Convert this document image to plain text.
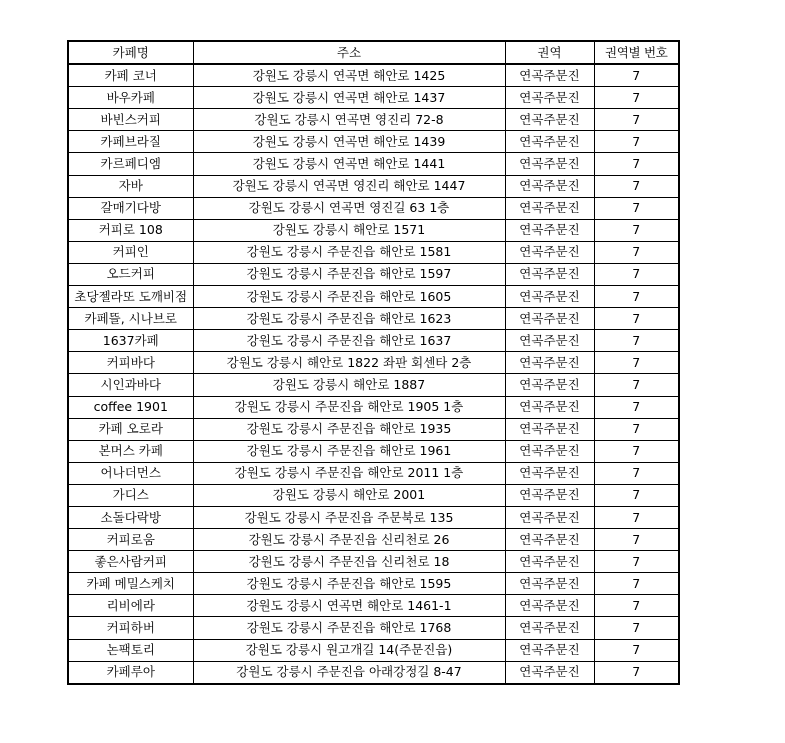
카페명	주소	권역	권역별 번호
카페 코너	강원도 강릉시 연곡면 해안로 1425	연곡주문진	7
바우카페	강원도 강릉시 연곡면 해안로 1437	연곡주문진	7
바빈스커피	강원도 강릉시 연곡면 영진리 72-8	연곡주문진	7
카페브라질	강원도 강릉시 연곡면 해안로 1439	연곡주문진	7
카르페디엠	강원도 강릉시 연곡면 해안로 1441	연곡주문진	7
자바	강원도 강릉시 연곡면 영진리 해안로 1447	연곡주문진	7
갈매기다방	강원도 강릉시 연곡면 영진길 63 1층	연곡주문진	7
커피로 108	강원도 강릉시 해안로 1571	연곡주문진	7
커피인	강원도 강릉시 주문진읍 해안로 1581	연곡주문진	7
오드커피	강원도 강릉시 주문진읍 해안로 1597	연곡주문진	7
초당젤라또 도깨비점	강원도 강릉시 주문진읍 해안로 1605	연곡주문진	7
카페뜰, 시나브로	강원도 강릉시 주문진읍 해안로 1623	연곡주문진	7
1637카페	강원도 강릉시 주문진읍 해안로 1637	연곡주문진	7
커피바다	강원도 강릉시 해안로 1822 좌판 회센타 2층	연곡주문진	7
시인과바다	강원도 강릉시 해안로 1887	연곡주문진	7
coffee 1901	강원도 강릉시 주문진읍 해안로 1905 1층	연곡주문진	7
카페 오로라	강원도 강릉시 주문진읍 해안로 1935	연곡주문진	7
본머스 카페	강원도 강릉시 주문진읍 해안로 1961	연곡주문진	7
어나더먼스	강원도 강릉시 주문진읍 해안로 2011 1층	연곡주문진	7
가디스	강원도 강릉시 해안로 2001	연곡주문진	7
소돌다락방	강원도 강릉시 주문진읍 주문북로 135	연곡주문진	7
커피로움	강원도 강릉시 주문진읍 신리천로 26	연곡주문진	7
좋은사람커피	강원도 강릉시 주문진읍 신리천로 18	연곡주문진	7
카페 메밀스케치	강원도 강릉시 주문진읍 해안로 1595	연곡주문진	7
리비에라	강원도 강릉시 연곡면 해안로 1461-1	연곡주문진	7
커피하버	강원도 강릉시 주문진읍 해안로 1768	연곡주문진	7
논팩토리	강원도 강릉시 원고개길 14(주문진읍)	연곡주문진	7
카페루아	강원도 강릉시 주문진읍 아래강정길 8-47	연곡주문진	7
